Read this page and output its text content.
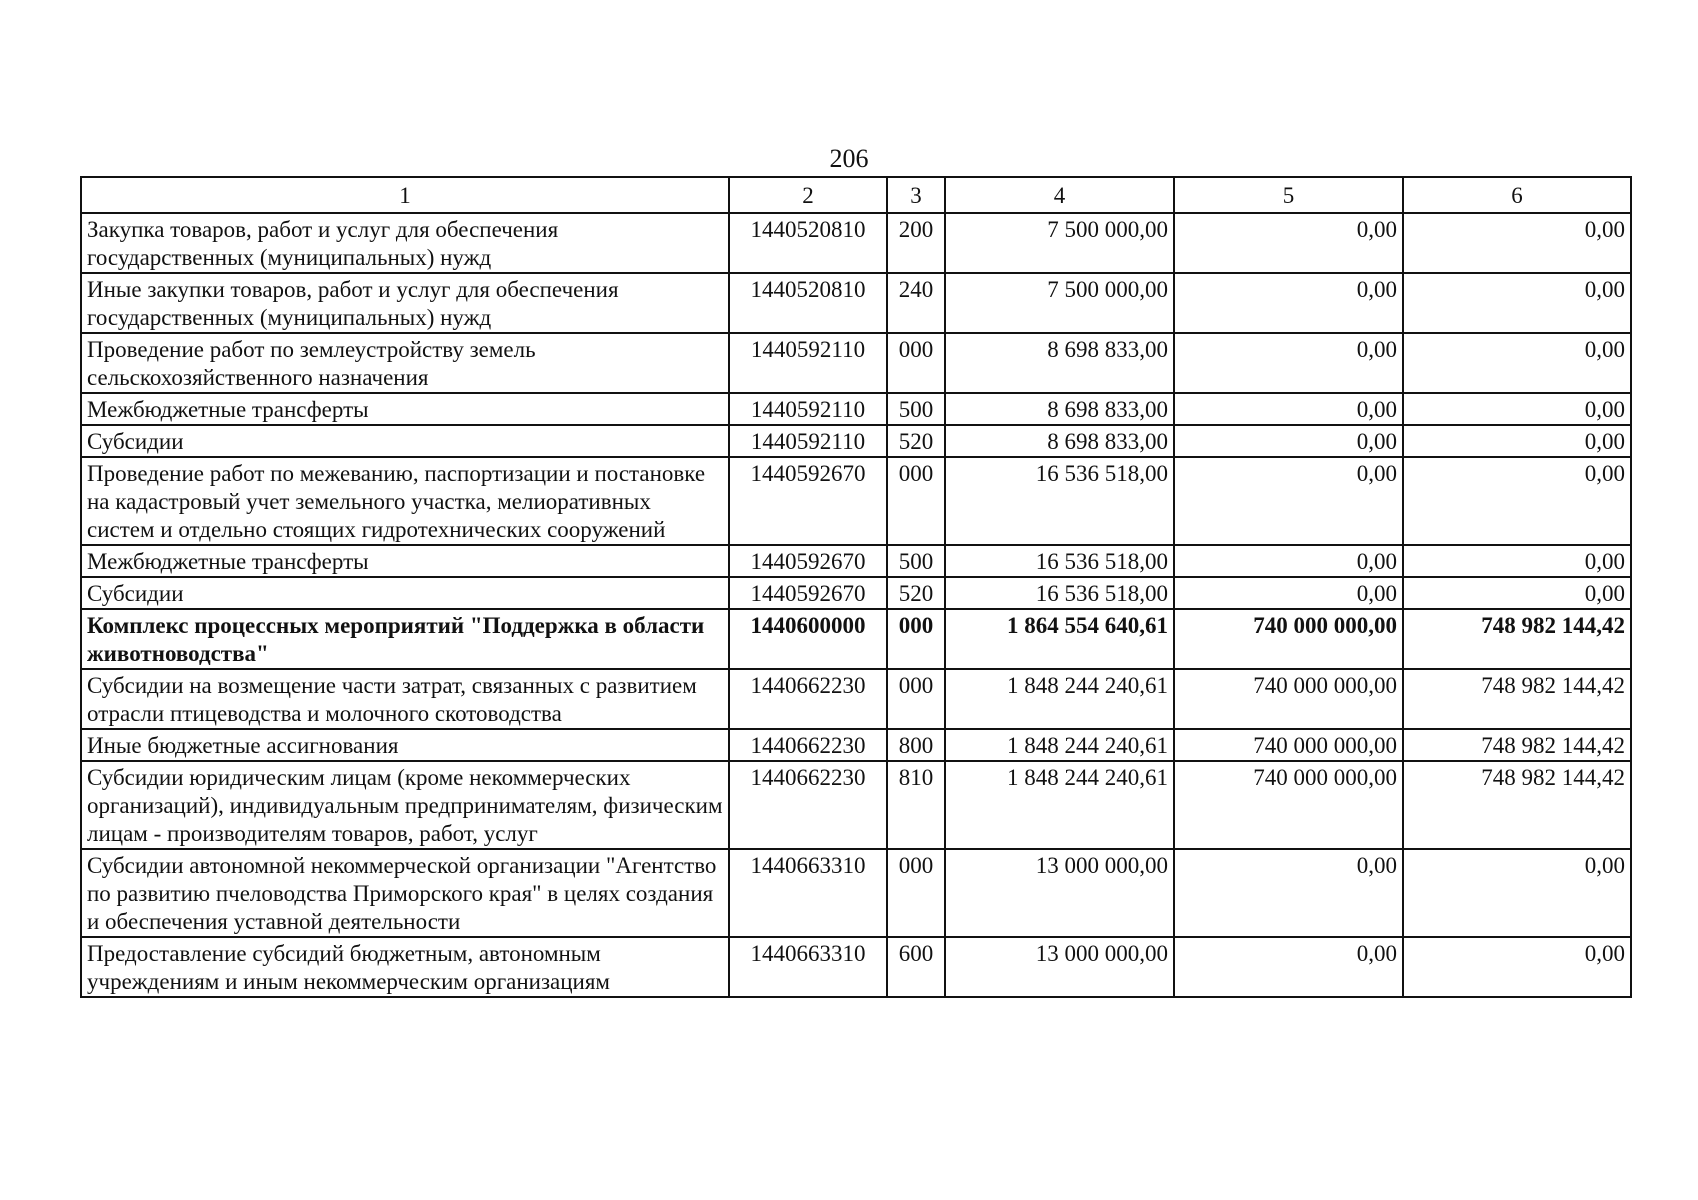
206
1	2	3	4	5	6
Закупка товаров, работ и услуг для обеспечения государственных (муниципальных) нужд	1440520810	200	7 500 000,00	0,00	0,00
Иные закупки товаров, работ и услуг для обеспечения государственных (муниципальных) нужд	1440520810	240	7 500 000,00	0,00	0,00
Проведение работ по землеустройству земель сельскохозяйственного назначения	1440592110	000	8 698 833,00	0,00	0,00
Межбюджетные трансферты	1440592110	500	8 698 833,00	0,00	0,00
Субсидии	1440592110	520	8 698 833,00	0,00	0,00
Проведение работ по межеванию, паспортизации и постановке на кадастровый учет земельного участка, мелиоративных систем и отдельно стоящих гидротехнических сооружений	1440592670	000	16 536 518,00	0,00	0,00
Межбюджетные трансферты	1440592670	500	16 536 518,00	0,00	0,00
Субсидии	1440592670	520	16 536 518,00	0,00	0,00
Комплекс процессных мероприятий "Поддержка в области животноводства"	1440600000	000	1 864 554 640,61	740 000 000,00	748 982 144,42
Субсидии на возмещение части затрат, связанных с развитием отрасли птицеводства и молочного скотоводства	1440662230	000	1 848 244 240,61	740 000 000,00	748 982 144,42
Иные бюджетные ассигнования	1440662230	800	1 848 244 240,61	740 000 000,00	748 982 144,42
Субсидии юридическим лицам (кроме некоммерческих организаций), индивидуальным предпринимателям, физическим лицам - производителям товаров, работ, услуг	1440662230	810	1 848 244 240,61	740 000 000,00	748 982 144,42
Субсидии автономной некоммерческой организации "Агентство по развитию пчеловодства Приморского края" в целях создания и обеспечения уставной деятельности	1440663310	000	13 000 000,00	0,00	0,00
Предоставление субсидий бюджетным, автономным учреждениям и иным некоммерческим организациям	1440663310	600	13 000 000,00	0,00	0,00
